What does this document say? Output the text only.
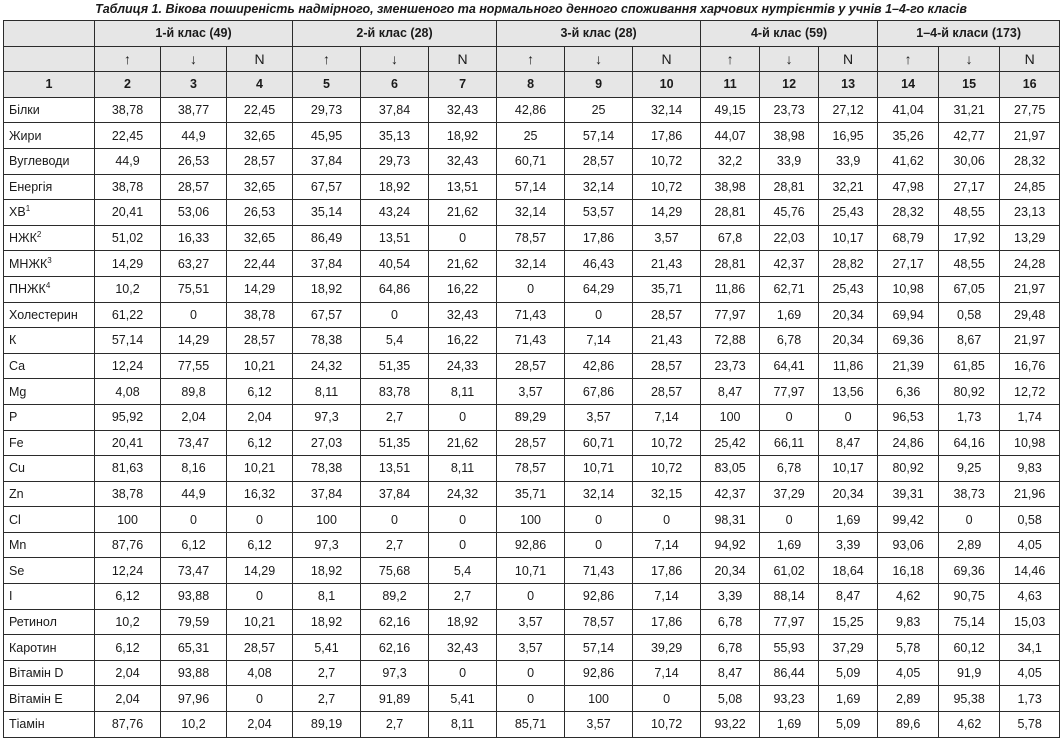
Таблиця 1. Вікова поширеність надмірного, зменшеного та нормального денного споживання харчових нутрієнтів у учнів 1–4-го класів
	1-й клас (49)			2-й клас (28)			3-й клас (28)			4-й клас (59)			1–4-й класи (173)		
	↑	↓	N	↑	↓	N	↑	↓	N	↑	↓	N	↑	↓	N
1	2	3	4	5	6	7	8	9	10	11	12	13	14	15	16
Білки	38,78	38,77	22,45	29,73	37,84	32,43	42,86	25	32,14	49,15	23,73	27,12	41,04	31,21	27,75
Жири	22,45	44,9	32,65	45,95	35,13	18,92	25	57,14	17,86	44,07	38,98	16,95	35,26	42,77	21,97
Вуглеводи	44,9	26,53	28,57	37,84	29,73	32,43	60,71	28,57	10,72	32,2	33,9	33,9	41,62	30,06	28,32
Енергія	38,78	28,57	32,65	67,57	18,92	13,51	57,14	32,14	10,72	38,98	28,81	32,21	47,98	27,17	24,85
$ХВ^1$	20,41	53,06	26,53	35,14	43,24	21,62	32,14	53,57	14,29	28,81	45,76	25,43	28,32	48,55	23,13
НЖК$^2$	51,02	16,33	32,65	86,49	13,51	0	78,57	17,86	3,57	67,8	22,03	10,17	68,79	17,92	13,29
МНЖК$^3$	14,29	63,27	22,44	37,84	40,54	21,62	32,14	46,43	21,43	28,81	42,37	28,82	27,17	48,55	24,28
ПНЖК$^4$	10,2	75,51	14,29	18,92	64,86	16,22	0	64,29	35,71	11,86	62,71	25,43	10,98	67,05	21,97
Холестерин	61,22	0	38,78	67,57	0	32,43	71,43	0	28,57	77,97	1,69	20,34	69,94	0,58	29,48
К	57,14	14,29	28,57	78,38	5,4	16,22	71,43	7,14	21,43	72,88	6,78	20,34	69,36	8,67	21,97
Са	12,24	77,55	10,21	24,32	51,35	24,33	28,57	42,86	28,57	23,73	64,41	11,86	21,39	61,85	16,76
Mg	4,08	89,8	6,12	8,11	83,78	8,11	3,57	67,86	28,57	8,47	77,97	13,56	6,36	80,92	12,72
P	95,92	2,04	2,04	97,3	2,7	0	89,29	3,57	7,14	100	0	0	96,53	1,73	1,74
Fe	20,41	73,47	6,12	27,03	51,35	21,62	28,57	60,71	10,72	25,42	66,11	8,47	24,86	64,16	10,98
Cu	81,63	8,16	10,21	78,38	13,51	8,11	78,57	10,71	10,72	83,05	6,78	10,17	80,92	9,25	9,83
Zn	38,78	44,9	16,32	37,84	37,84	24,32	35,71	32,14	32,15	42,37	37,29	20,34	39,31	38,73	21,96
Cl	100	0	0	100	0	0	100	0	0	98,31	0	1,69	99,42	0	0,58
Mn	87,76	6,12	6,12	97,3	2,7	0	92,86	0	7,14	94,92	1,69	3,39	93,06	2,89	4,05
Se	12,24	73,47	14,29	18,92	75,68	5,4	10,71	71,43	17,86	20,34	61,02	18,64	16,18	69,36	14,46
I	6,12	93,88	0	8,1	89,2	2,7	0	92,86	7,14	3,39	88,14	8,47	4,62	90,75	4,63
Ретинол	10,2	79,59	10,21	18,92	62,16	18,92	3,57	78,57	17,86	6,78	77,97	15,25	9,83	75,14	15,03
Каротин	6,12	65,31	28,57	5,41	62,16	32,43	3,57	57,14	39,29	6,78	55,93	37,29	5,78	60,12	34,1
Вітамін D	2,04	93,88	4,08	2,7	97,3	0	0	92,86	7,14	8,47	86,44	5,09	4,05	91,9	4,05
Вітамін E	2,04	97,96	0	2,7	91,89	5,41	0	100	0	5,08	93,23	1,69	2,89	95,38	1,73
Тіамін	87,76	10,2	2,04	89,19	2,7	8,11	85,71	3,57	10,72	93,22	1,69	5,09	89,6	4,62	5,78
